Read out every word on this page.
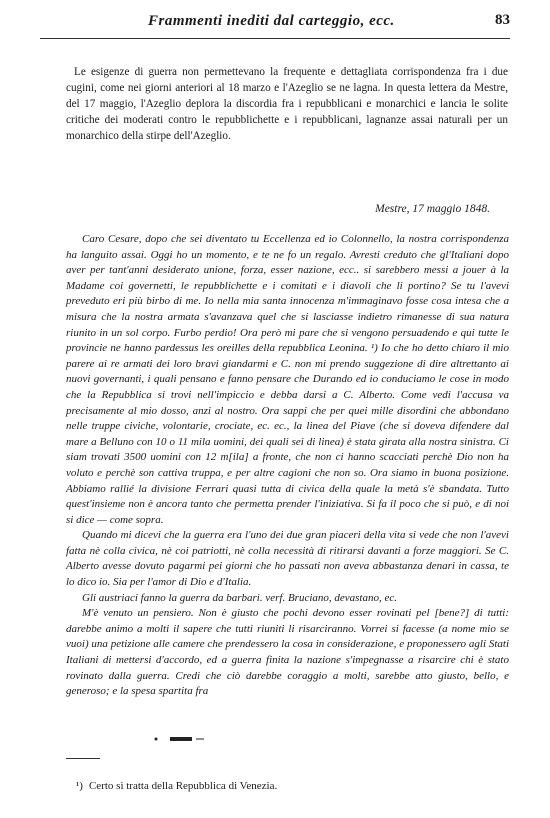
Frammenti inediti dal carteggio, ecc.	83

Le esigenze di guerra non permettevano la frequente e dettagliata corrispondenza fra i due cugini, come nei giorni anteriori al 18 marzo e l'Azeglio se ne lagna. In questa lettera da Mestre, del 17 maggio, l'Azeglio deplora la discordia fra i repubblicani e monarchici e lancia le solite critiche dei moderati contro le repubblichette e i repubblicani, lagnanze assai naturali per un monarchico della stirpe dell'Azeglio.

Mestre, 17 maggio 1848.

Caro Cesare, dopo che sei diventato tu Eccellenza ed io Colonnello, la nostra corrispondenza ha languito assai. Oggi ho un momento, e te ne fo un regalo. Avresti creduto che gl'Italiani dopo aver per tant'anni desiderato unione, forza, esser nazione, ecc.. si sarebbero messi a jouer à la Madame coi governetti, le repubblichette e i comitati e i diavoli che li portino? Se tu l'avevi preveduto eri più birbo di me. Io nella mia santa innocenza m'immaginavo fosse cosa intesa che a misura che la nostra armata s'avanzava quel che si lasciasse indietro rimanesse di sua natura riunito in un sol corpo. Furbo perdio! Ora però mi pare che si vengono persuadendo e qui tutte le provincie ne hanno pardessus les oreilles della repubblica Leonina. ¹) Io che ho detto chiaro il mio parere ai re armati dei loro bravi giandarmi e C. non mi prendo suggezione di dire altrettanto ai nuovi governanti, i quali pensano e fanno pensare che Durando ed io conduciamo le cose in modo che la Repubblica si trovi nell'impiccio e debba darsi a C. Alberto. Come vedi l'accusa va precisamente al mio dosso, anzi al nostro. Ora sappi che per quei mille disordini che abbondano nelle truppe civiche, volontarie, crociate, ec. ec., la linea del Piave (che si doveva difendere dal mare a Belluno con 10 o 11 mila uomini, dei quali sei di linea) è stata girata alla nostra sinistra. Ci siam trovati 3500 uomini con 12 m[ila] a fronte, che non ci hanno scacciati perchè Dio non ha voluto e perchè son cattiva truppa, e per altre cagioni che non so. Ora siamo in buona posizione. Abbiamo rallié la divisione Ferrari quasi tutta di civica della quale la metà s'è sbandata. Tutto quest'insieme non è ancora tanto che permetta prender l'iniziativa. Si fa il poco che si può, e di noi si dice — come sopra.

Quando mi dicevi che la guerra era l'uno dei due gran piaceri della vita si vede che non l'avevi fatta nè colla civica, nè coi patriotti, nè colla necessità di ritirarsi davanti a forze maggiori. Se C. Alberto avesse dovuto pagarmi pei giorni che ho passati non aveva abbastanza denari in cassa, te lo dico io. Sia per l'amor di Dio e d'Italia.

Gli austriaci fanno la guerra da barbari. verf. Bruciano, devastano, ec.

M'è venuto un pensiero. Non è giusto che pochi devono esser rovinati pel [bene?] di tutti: darebbe animo a molti il sapere che tutti riuniti li risarciranno. Vorrei si facesse (a nome mio se vuoi) una petizione alle camere che prendessero la cosa in considerazione, e proponessero agli Stati Italiani di mettersi d'accordo, ed a guerra finita la nazione s'impegnasse a risarcire chi è stato rovinato dalla guerra. Credi che ciò darebbe coraggio a molti, sarebbe atto giusto, bello, e generoso; e la spesa spartita fra

¹) Certo si tratta della Repubblica di Venezia.
